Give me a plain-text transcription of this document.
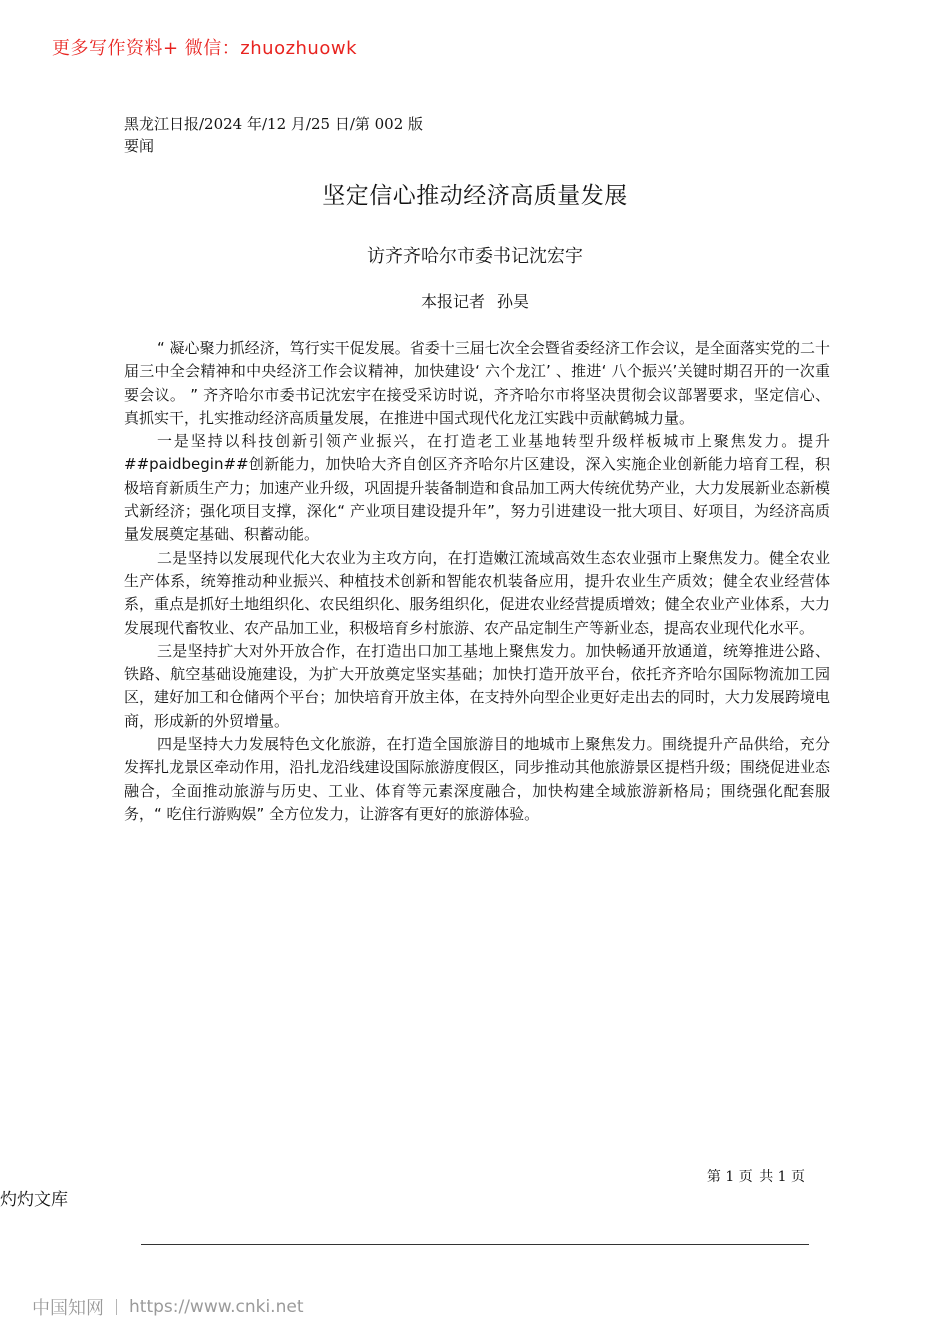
更多写作资料+ 微信：zhuozhuowk
黑龙江日报/2024 年/12 月/25 日/第 002 版要闻
坚定信心推动经济高质量发展
访齐齐哈尔市委书记沈宏宇
本报记者 孙昊

“ 凝心聚力抓经济，笃行实干促发展。省委十三届七次全会暨省委经济工作会议，是全面落实党的二十届三中全会精神和中央经济工作会议精神，加快建设‘ 六个龙江’ 、推进‘ 八个振兴’关键时期召开的一次重要会议。 ” 齐齐哈尔市委书记沈宏宇在接受采访时说，齐齐哈尔市将坚决贯彻会议部署要求，坚定信心、真抓实干，扎实推动经济高质量发展，在推进中国式现代化龙江实践中贡献鹤城力量。

一是坚持以科技创新引领产业振兴，在打造老工业基地转型升级样板城市上聚焦发力。提升##paidbegin##创新能力，加快哈大齐自创区齐齐哈尔片区建设，深入实施企业创新能力培育工程，积极培育新质生产力；加速产业升级，巩固提升装备制造和食品加工两大传统优势产业，大力发展新业态新模式新经济；强化项目支撑，深化“ 产业项目建设提升年”，努力引进建设一批大项目、好项目，为经济高质量发展奠定基础、积蓄动能。

二是坚持以发展现代化大农业为主攻方向，在打造嫩江流域高效生态农业强市上聚焦发力。健全农业生产体系，统筹推动种业振兴、种植技术创新和智能农机装备应用，提升农业生产质效；健全农业经营体系，重点是抓好土地组织化、农民组织化、服务组织化，促进农业经营提质增效；健全农业产业体系，大力发展现代畜牧业、农产品加工业，积极培育乡村旅游、农产品定制生产等新业态，提高农业现代化水平。

三是坚持扩大对外开放合作，在打造出口加工基地上聚焦发力。加快畅通开放通道，统筹推进公路、铁路、航空基础设施建设，为扩大开放奠定坚实基础；加快打造开放平台，依托齐齐哈尔国际物流加工园区，建好加工和仓储两个平台；加快培育开放主体，在支持外向型企业更好走出去的同时，大力发展跨境电商，形成新的外贸增量。

四是坚持大力发展特色文化旅游，在打造全国旅游目的地城市上聚焦发力。围绕提升产品供给，充分发挥扎龙景区牵动作用，沿扎龙沿线建设国际旅游度假区，同步推动其他旅游景区提档升级；围绕促进业态融合，全面推动旅游与历史、工业、体育等元素深度融合，加快构建全域旅游新格局；围绕强化配套服务，“ 吃住行游购娱” 全方位发力，让游客有更好的旅游体验。

第 1 页 共 1 页
灼灼文库
中国知网 https://www.cnki.net
